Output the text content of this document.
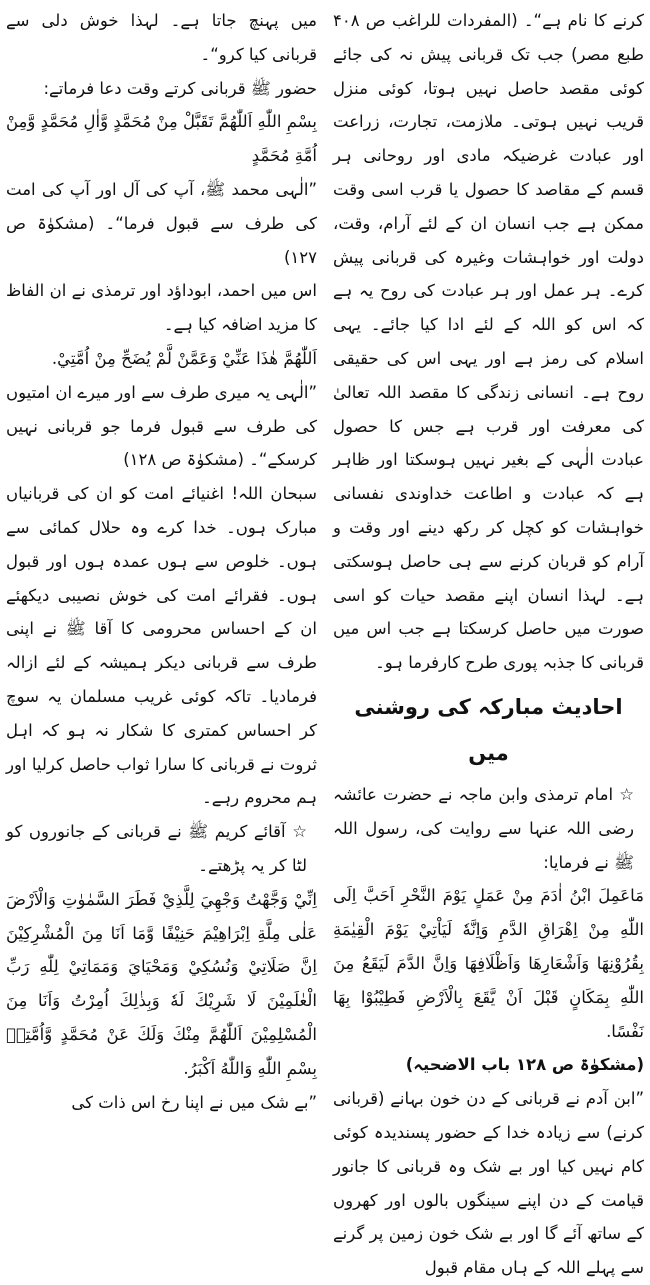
کرنے کا نام ہے“۔ (المفردات للراغب ص ۴۰۸ طبع مصر) جب تک قربانی پیش نہ کی جائے کوئی مقصد حاصل نہیں ہوتا، کوئی منزل قریب نہیں ہوتی۔ ملازمت، تجارت، زراعت اور عبادت غرضیکہ مادی اور روحانی ہر قسم کے مقاصد کا حصول یا قرب اسی وقت ممکن ہے جب انسان ان کے لئے آرام، وقت، دولت اور خواہشات وغیرہ کی قربانی پیش کرے۔ ہر عمل اور ہر عبادت کی روح یہ ہے کہ اس کو اللہ کے لئے ادا کیا جائے۔ یہی اسلام کی رمز ہے اور یہی اس کی حقیقی روح ہے۔ انسانی زندگی کا مقصد اللہ تعالیٰ کی معرفت اور قرب ہے جس کا حصول عبادت الٰہی کے بغیر نہیں ہوسکتا اور ظاہر ہے کہ عبادت و اطاعت خداوندی نفسانی خواہشات کو کچل کر رکھ دینے اور وقت و آرام کو قربان کرنے سے ہی حاصل ہوسکتی ہے۔ لہذا انسان اپنے مقصد حیات کو اسی صورت میں حاصل کرسکتا ہے جب اس میں قربانی کا جذبہ پوری طرح کارفرما ہو۔

احادیث مبارکہ کی روشنی میں

☆ امام ترمذی وابن ماجہ نے حضرت عائشہ رضی اللہ عنہا سے روایت کی، رسول اللہ ﷺ نے فرمایا:

مَاعَمِلَ ابْنُ اٰدَمَ مِنْ عَمَلٍ يَوْمَ النَّحْرِ اَحَبَّ اِلَى اللّٰهِ مِنْ اِهْرَاقِ الدَّمِ وَاِنَّهٗ لَيَاْتِيْ يَوْمَ الْقِيٰمَةِ بِقُرُوْنِهَا وَاَشْعَارِهَا وَاَظْلَافِهَا وَاِنَّ الدَّمَ لَيَقَعُ مِنَ اللّٰهِ بِمَكَانٍ قَبْلَ اَنْ يَّقَعَ بِالْاَرْضِ فَطِيْبُوْا بِهَا نَفْسًا.

(مشکوٰۃ ص ۱۲۸ باب الاضحیہ)

”ابن آدم نے قربانی کے دن خون بہانے (قربانی کرنے) سے زیادہ خدا کے حضور پسندیدہ کوئی کام نہیں کیا اور بے شک وہ قربانی کا جانور قیامت کے دن اپنے سینگوں بالوں اور کھروں کے ساتھ آئے گا اور بے شک خون زمین پر گرنے سے پہلے اللہ کے ہاں مقام قبول

میں پہنچ جاتا ہے۔ لہذا خوش دلی سے قربانی کیا کرو“۔

حضور ﷺ قربانی کرتے وقت دعا فرماتے:

بِسْمِ اللّٰهِ اَللّٰهُمَّ تَقَبَّلْ مِنْ مُحَمَّدٍ وَّاٰلِ مُحَمَّدٍ وَّمِنْ اُمَّةِ مُحَمَّدٍ

”الٰہی محمد ﷺ، آپ کی آل اور آپ کی امت کی طرف سے قبول فرما“۔ (مشکوٰۃ ص ۱۲۷)

اس میں احمد، ابوداؤد اور ترمذی نے ان الفاظ کا مزید اضافہ کیا ہے۔

اَللّٰهُمَّ هٰذَا عَنِّيْ وَعَمَّنْ لَّمْ يُضَحِّ مِنْ اُمَّتِيْ.

”الٰہی یہ میری طرف سے اور میرے ان امتیوں کی طرف سے قبول فرما جو قربانی نہیں کرسکے“۔ (مشکوٰۃ ص ۱۲۸)

سبحان اللہ! اغنیائے امت کو ان کی قربانیاں مبارک ہوں۔ خدا کرے وہ حلال کمائی سے ہوں۔ خلوص سے ہوں عمدہ ہوں اور قبول ہوں۔ فقرائے امت کی خوش نصیبی دیکھئے ان کے احساس محرومی کا آقا ﷺ نے اپنی طرف سے قربانی دیکر ہمیشہ کے لئے ازالہ فرمادیا۔ تاکہ کوئی غریب مسلمان یہ سوچ کر احساس کمتری کا شکار نہ ہو کہ اہل ثروت نے قربانی کا سارا ثواب حاصل کرلیا اور ہم محروم رہے۔

☆ آقائے کریم ﷺ نے قربانی کے جانوروں کو لٹا کر یہ پڑھتے۔

اِنِّيْ وَجَّهْتُ وَجْهِيَ لِلَّذِيْ فَطَرَ السَّمٰوٰتِ وَالْاَرْضَ عَلٰى مِلَّةِ اِبْرَاهِيْمَ حَنِيْفًا وَّمَا اَنَا مِنَ الْمُشْرِكِيْنَ اِنَّ صَلَاتِيْ وَنُسُكِيْ وَمَحْيَايَ وَمَمَاتِيْ لِلّٰهِ رَبِّ الْعٰلَمِيْنَ لَا شَرِيْكَ لَهٗ وَبِذٰلِكَ اُمِرْتُ وَاَنَا مِنَ الْمُسْلِمِيْنَ اَللّٰهُمَّ مِنْكَ وَلَكَ عَنْ مُحَمَّدٍ وَّاُمَّتِهٖ بِسْمِ اللّٰهِ وَاللّٰهُ اَكْبَرُ.

”بے شک میں نے اپنا رخ اس ذات کی
